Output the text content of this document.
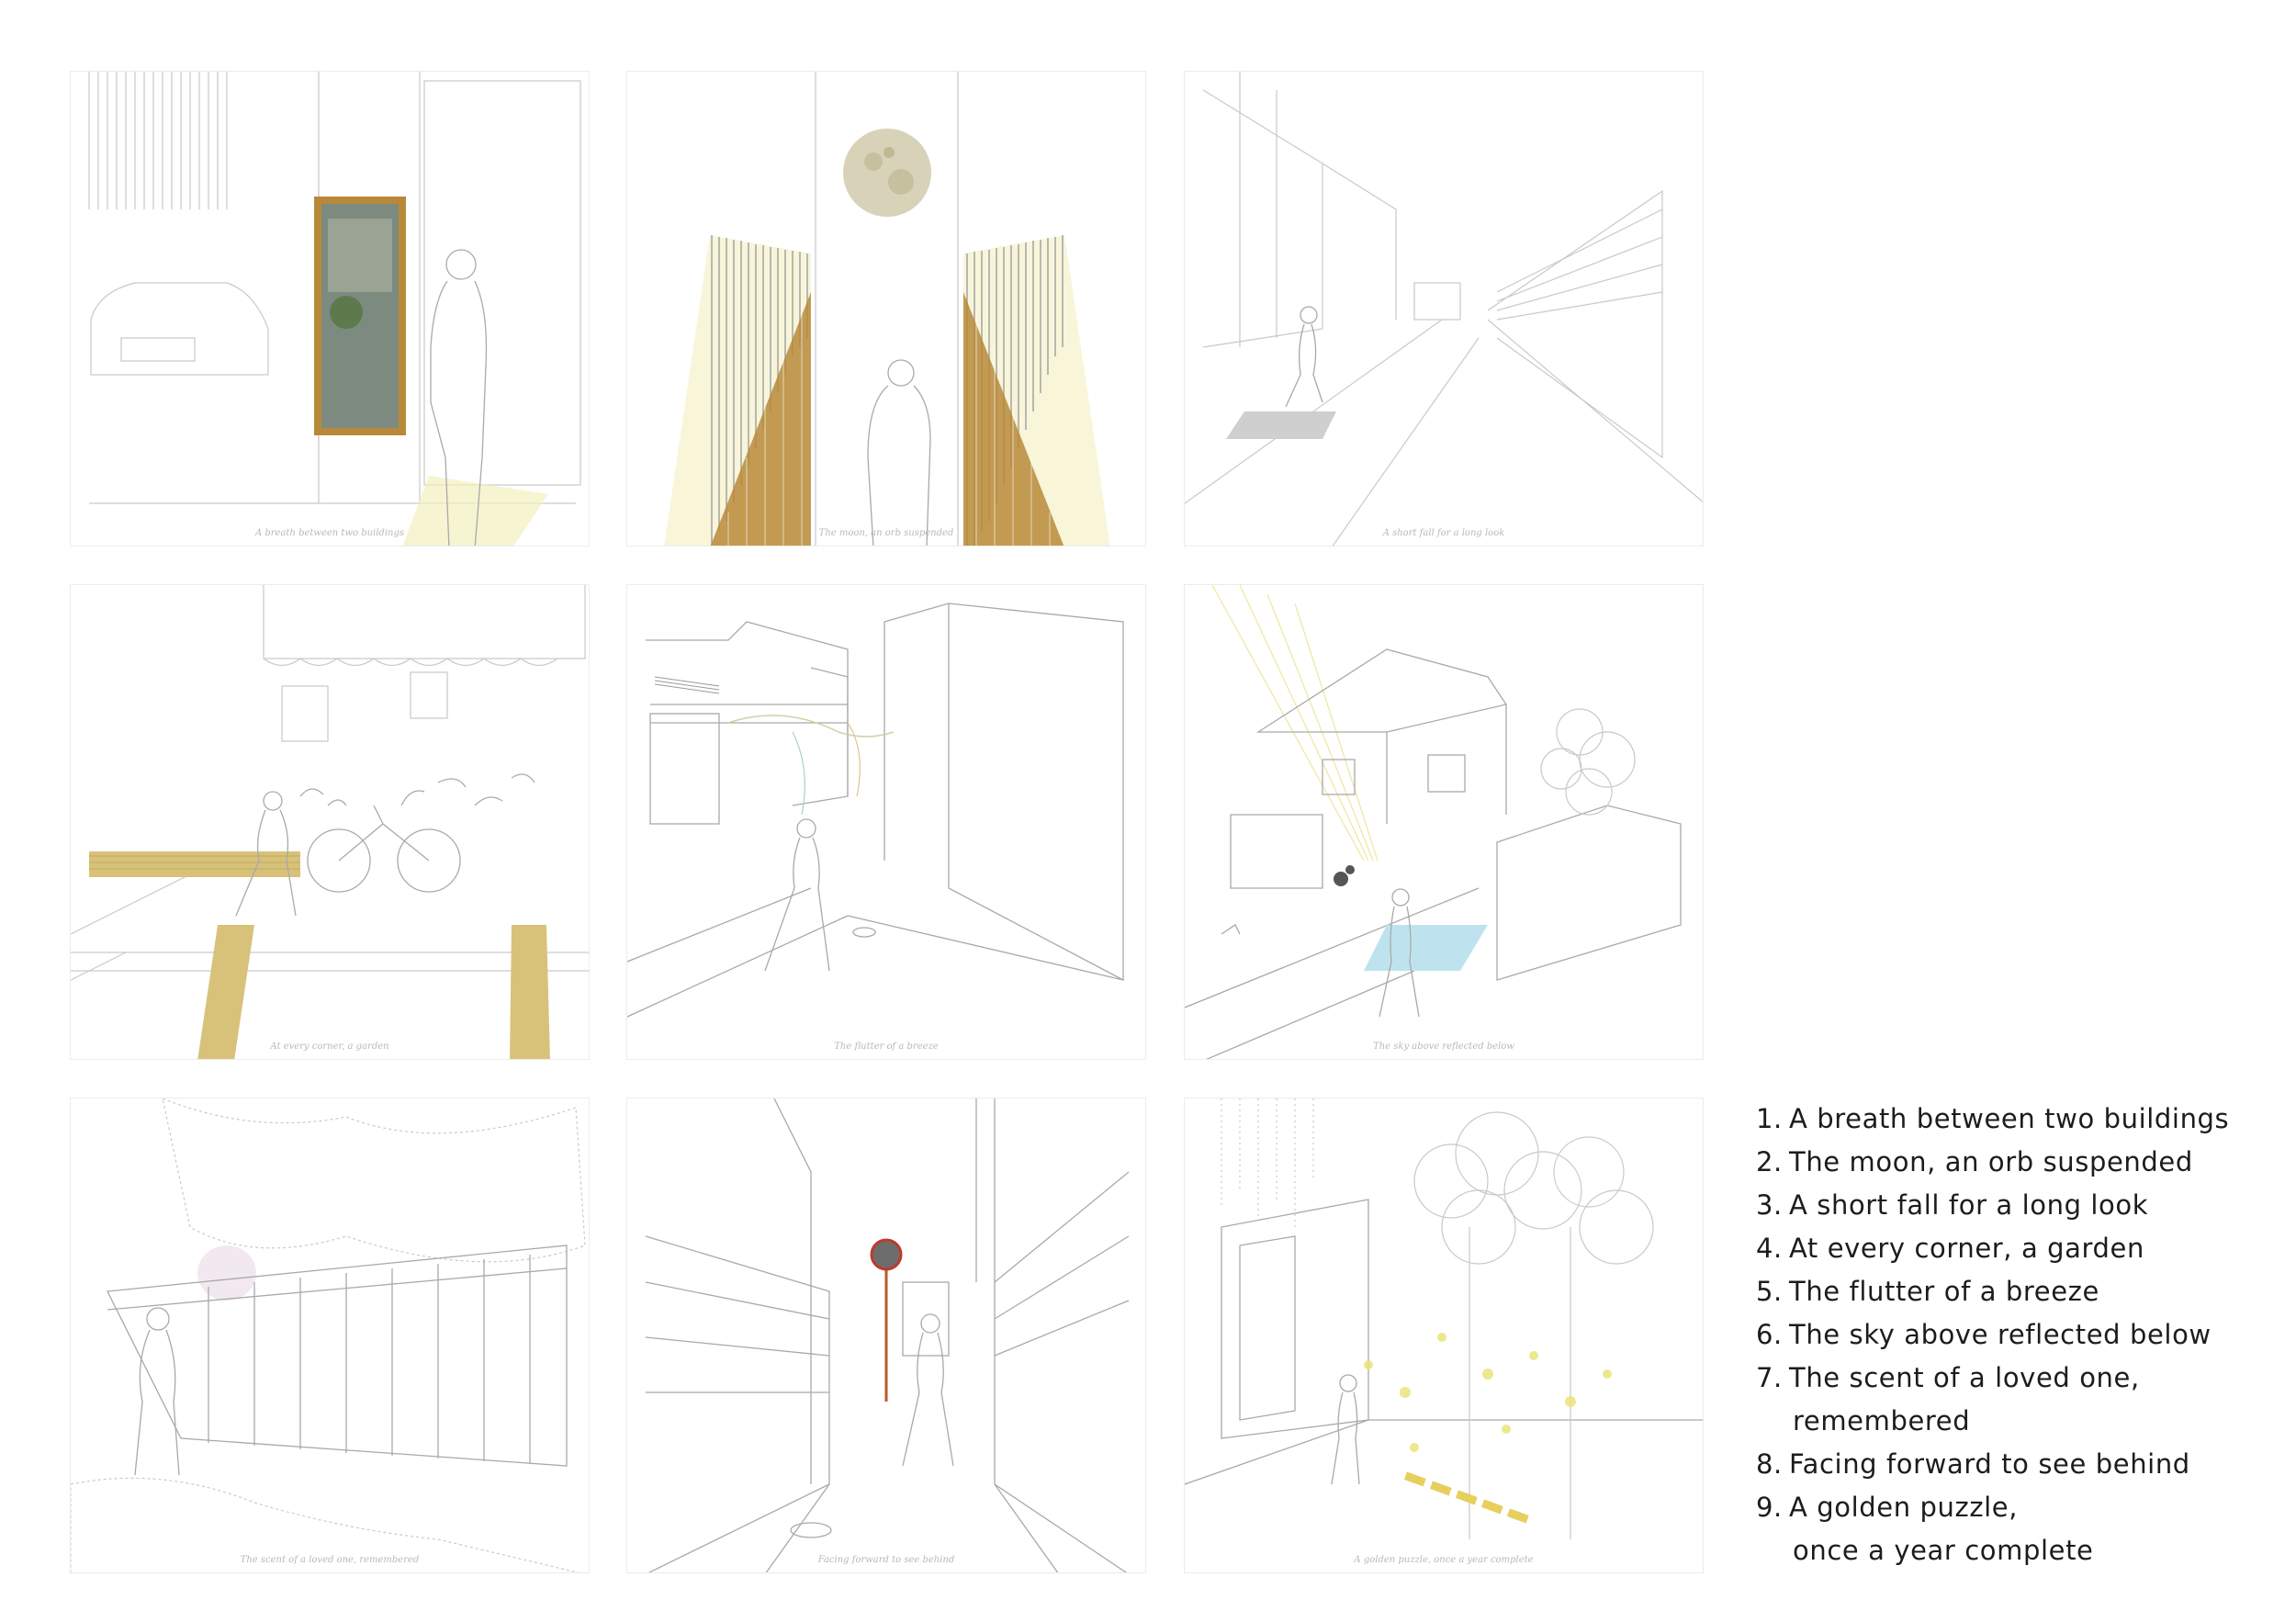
A breath between two buildings	The moon, an orb suspended	A short fall for a long look
At every corner, a garden	The flutter of a breeze	The sky above reflected below
The scent of a loved one, remembered	Facing forward to see behind	A golden puzzle, once a year complete
1. A breath between two buildings
2. The moon, an orb suspended
3. A short fall for a long look
4. At every corner, a garden
5. The flutter of a breeze
6. The sky above reflected below
7. The scent of a loved one,
remembered
8. Facing forward to see behind
9. A golden puzzle,
once a year complete
